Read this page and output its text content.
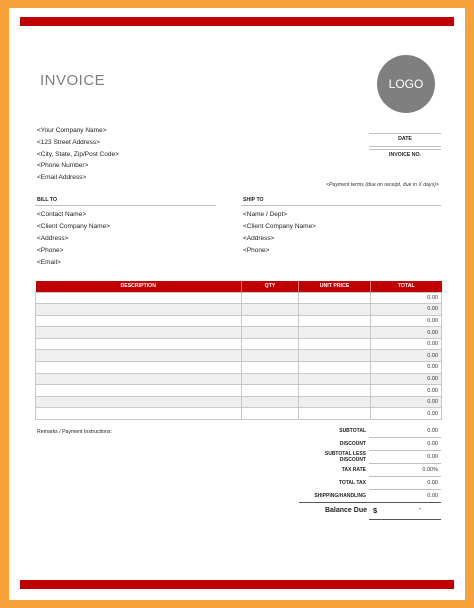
INVOICE	LOGO
<Your Company Name>
<123 Street Address>
<City, State, Zip/Post Code>
<Phone Number>
<Email Address>
DATE
INVOICE NO.
<Payment terms (due on receipt, due in X days)>
BILL TO
<Contact Name>
<Client Company Name>
<Address>
<Phone>
<Email>
SHIP TO
<Name / Dept>
<Client Company Name>
<Address>
<Phone>
DESCRIPTION	QTY	UNIT PRICE	TOTAL
			0.00
			0.00
			0.00
			0.00
			0.00
			0.00
			0.00
			0.00
			0.00
			0.00
			0.00
Remarks / Payment Instructions:	SUBTOTAL	0.00
DISCOUNT	0.00
SUBTOTAL LESS DISCOUNT	0.00
TAX RATE	0.00%
TOTAL TAX	0.00
SHIPPING/HANDLING	0.00
Balance Due $	-
